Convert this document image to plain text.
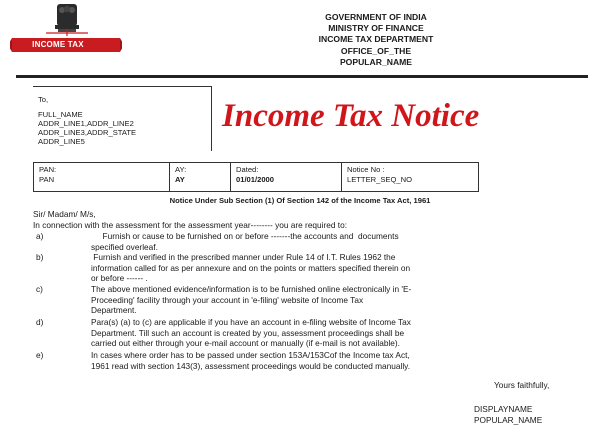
INCOME TAX DEPARTMENT
GOVERNMENT OF INDIA
MINISTRY OF FINANCE
INCOME TAX DEPARTMENT
OFFICE_OF_THE
POPULAR_NAME
To,
FULL_NAME
ADDR_LINE1,ADDR_LINE2
ADDR_LINE3,ADDR_STATE
ADDR_LINE5
Income Tax Notice
PAN:
PAN
AY:
AY
Dated:
01/01/2000
Notice No :
LETTER_SEQ_NO
Notice Under Sub Section (1) Of Section 142 of the Income Tax Act, 1961
Sir/ Madam/ M/s,
In connection with the assessment for the assessment year-------- you are required to:
a)	Furnish or cause to be furnished on or before -------the accounts and  documents
specified overleaf.
b)	Furnish and verified in the prescribed manner under Rule 14 of I.T. Rules 1962 the
information called for as per annexure and on the points or matters specified therein on
or before ------ .
c)	The above mentioned evidence/information is to be furnished online electronically in 'E-
Proceeding' facility through your account in 'e-filing' website of Income Tax
Department.
d)	Para(s) (a) to (c) are applicable if you have an account in e-filing website of Income Tax
Department. Till such an account is created by you, assessment proceedings shall be
carried out either through your e-mail account or manually (if e-mail is not available).
e)	In cases where order has to be passed under section 153A/153Cof the Income tax Act,
1961 read with section 143(3), assessment proceedings would be conducted manually.
Yours faithfully,
DISPLAYNAME
POPULAR_NAME
